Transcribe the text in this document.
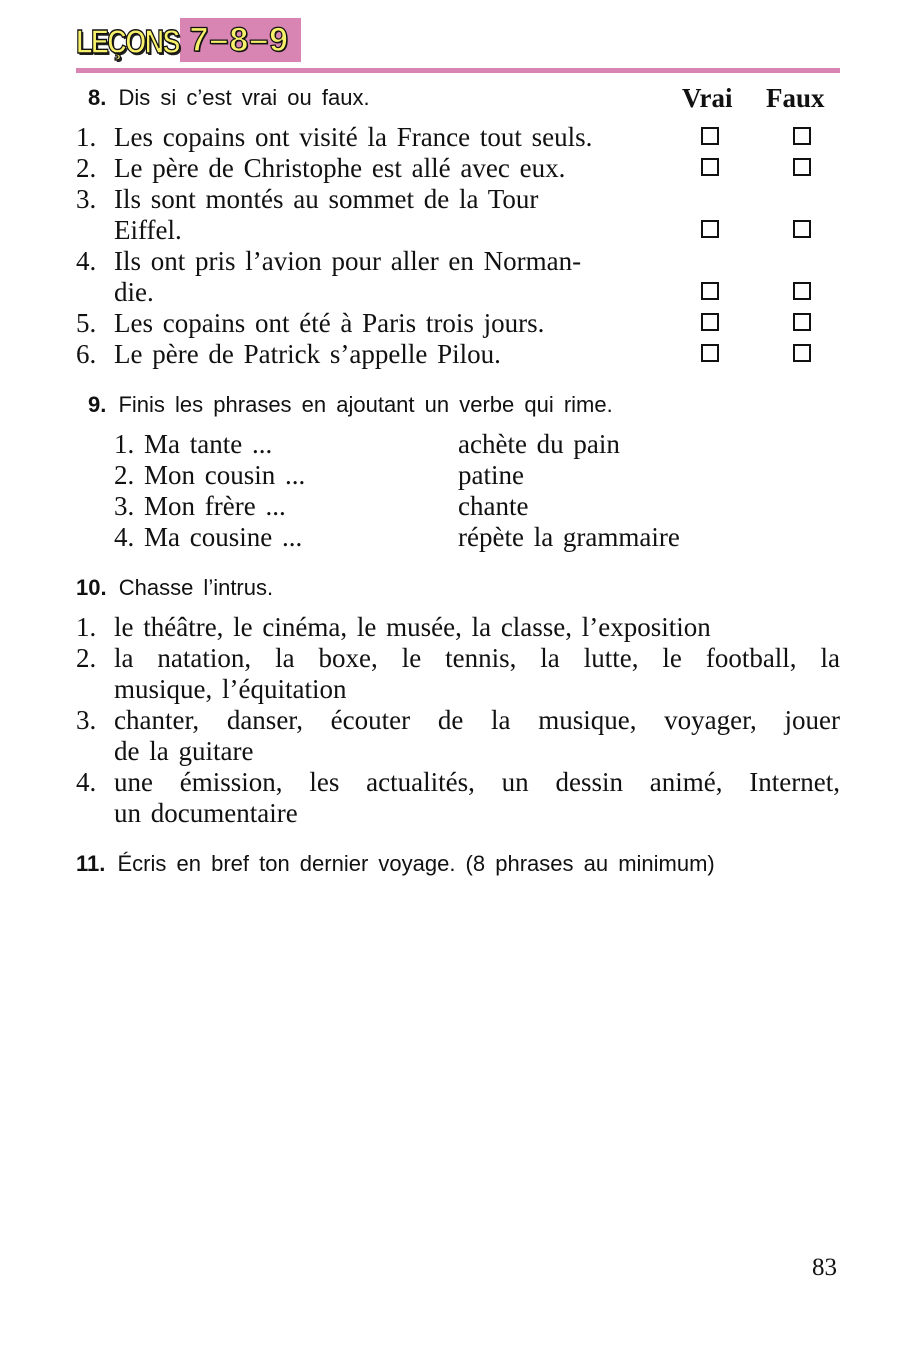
LEÇONS 7–8–9
8. Dis si c’est vrai ou faux.	Vrai Faux
1. Les copains ont visité la France tout seuls.
2. Le père de Christophe est allé avec eux.
3. Ils sont montés au sommet de la Tour
Eiffel.
4. Ils ont pris l’avion pour aller en Norman-
die.
5. Les copains ont été à Paris trois jours.
6. Le père de Patrick s’appelle Pilou.
9. Finis les phrases en ajoutant un verbe qui rime.
1. Ma tante ...
2. Mon cousin ...
3. Mon frère ...
4. Ma cousine ...
achète du pain
patine
chante
répète la grammaire
10. Chasse l’intrus.
1. le théâtre, le cinéma, le musée, la classe, l’exposition
2. la natation, la boxe, le tennis, la lutte, le football, la
musique, l’équitation
3. chanter, danser, écouter de la musique, voyager, jouer
de la guitare
4. une émission, les actualités, un dessin animé, Internet,
un documentaire
11. Écris en bref ton dernier voyage. (8 phrases au minimum)
83
